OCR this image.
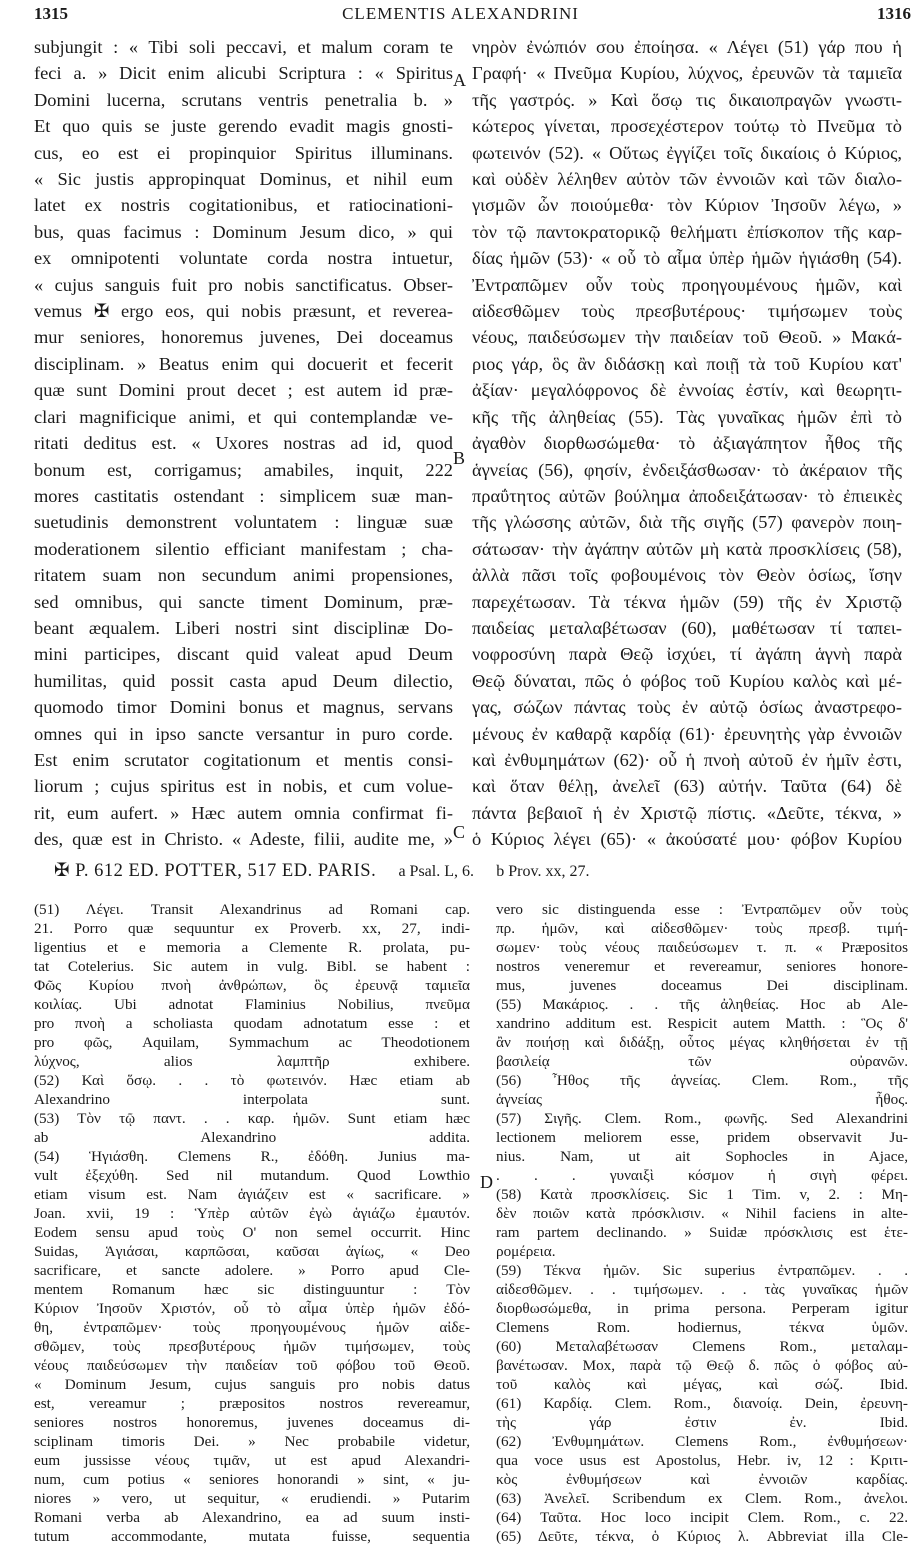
1315	CLEMENTIS ALEXANDRINI	1316
subjungit : « Tibi soli peccavi, et malum coram te
feci a. » Dicit enim alicubi Scriptura : « Spiritus
Domini lucerna, scrutans ventris penetralia b. »
Et quo quis se juste gerendo evadit magis gnosti-
cus, eo est ei propinquior Spiritus illuminans.
« Sic justis appropinquat Dominus, et nihil eum
latet ex nostris cogitationibus, et ratiocinationi-
bus, quas facimus : Dominum Jesum dico, » qui
ex omnipotenti voluntate corda nostra intuetur,
« cujus sanguis fuit pro nobis sanctificatus. Obser-
vemus ✠ ergo eos, qui nobis præsunt, et reverea-
mur seniores, honoremus juvenes, Dei doceamus
disciplinam. » Beatus enim qui docuerit et fecerit
quæ sunt Domini prout decet ; est autem id præ-
clari magnificique animi, et qui contemplandæ ve-
ritati deditus est. « Uxores nostras ad id, quod
bonum est, corrigamus; amabiles, inquit, 222
mores castitatis ostendant : simplicem suæ man-
suetudinis demonstrent voluntatem : linguæ suæ
moderationem silentio efficiant manifestam ; cha-
ritatem suam non secundum animi propensiones,
sed omnibus, qui sancte timent Dominum, præ-
beant æqualem. Liberi nostri sint disciplinæ Do-
mini participes, discant quid valeat apud Deum
humilitas, quid possit casta apud Deum dilectio,
quomodo timor Domini bonus et magnus, servans
omnes qui in ipso sancte versantur in puro corde.
Est enim scrutator cogitationum et mentis consi-
liorum ; cujus spiritus est in nobis, et cum volue-
rit, eum aufert. » Hæc autem omnia confirmat fi-
des, quæ est in Christo. « Adeste, filii, audite me, »
νηρὸν ἐνώπιόν σου ἐποίησα. « Λέγει (51) γάρ που ἡ
Γραφή· « Πνεῦμα Κυρίου, λύχνος, ἐρευνῶν τὰ ταμιεῖα
τῆς γαστρός. » Καὶ ὅσῳ τις δικαιοπραγῶν γνωστι-
κώτερος γίνεται, προσεχέστερον τούτῳ τὸ Πνεῦμα τὸ
φωτεινόν (52). « Οὕτως ἐγγίζει τοῖς δικαίοις ὁ Κύριος,
καὶ οὐδὲν λέληθεν αὐτὸν τῶν ἐννοιῶν καὶ τῶν διαλο-
γισμῶν ὧν ποιούμεθα· τὸν Κύριον Ἰησοῦν λέγω, »
τὸν τῷ παντοκρατορικῷ θελήματι ἐπίσκοπον τῆς καρ-
δίας ἡμῶν (53)· « οὗ τὸ αἷμα ὑπὲρ ἡμῶν ἡγιάσθη (54).
Ἐντραπῶμεν οὖν τοὺς προηγουμένους ἡμῶν, καὶ
αἰδεσθῶμεν τοὺς πρεσβυτέρους· τιμήσωμεν τοὺς
νέους, παιδεύσωμεν τὴν παιδείαν τοῦ Θεοῦ. » Μακά-
ριος γάρ, ὃς ἂν διδάσκῃ καὶ ποιῇ τὰ τοῦ Κυρίου κατ'
ἀξίαν· μεγαλόφρονος δὲ ἐννοίας ἐστίν, καὶ θεωρητι-
κῆς τῆς ἀληθείας (55). Τὰς γυναῖκας ἡμῶν ἐπὶ τὸ
ἀγαθὸν διορθωσώμεθα· τὸ ἀξιαγάπητον ἦθος τῆς
ἁγνείας (56), φησίν, ἐνδειξάσθωσαν· τὸ ἀκέραιον τῆς
πραΰτητος αὐτῶν βούλημα ἀποδειξάτωσαν· τὸ ἐπιεικὲς
τῆς γλώσσης αὐτῶν, διὰ τῆς σιγῆς (57) φανερὸν ποιη-
σάτωσαν· τὴν ἀγάπην αὐτῶν μὴ κατὰ προσκλίσεις (58),
ἀλλὰ πᾶσι τοῖς φοβουμένοις τὸν Θεὸν ὁσίως, ἴσην
παρεχέτωσαν. Τὰ τέκνα ἡμῶν (59) τῆς ἐν Χριστῷ
παιδείας μεταλαβέτωσαν (60), μαθέτωσαν τί ταπει-
νοφροσύνη παρὰ Θεῷ ἰσχύει, τί ἀγάπη ἁγνὴ παρὰ
Θεῷ δύναται, πῶς ὁ φόβος τοῦ Κυρίου καλὸς καὶ μέ-
γας, σώζων πάντας τοὺς ἐν αὐτῷ ὁσίως ἀναστρεφο-
μένους ἐν καθαρᾷ καρδίᾳ (61)· ἐρευνητὴς γὰρ ἐννοιῶν
καὶ ἐνθυμημάτων (62)· οὗ ἡ πνοὴ αὐτοῦ ἐν ἡμῖν ἐστι,
καὶ ὅταν θέλῃ, ἀνελεῖ (63) αὐτήν. Ταῦτα (64) δὲ
πάντα βεβαιοῖ ἡ ἐν Χριστῷ πίστις. «Δεῦτε, τέκνα, »
ὁ Κύριος λέγει (65)· « ἀκούσατέ μου· φόβον Κυρίου
A
B
C
D
✠ P. 612 ED. POTTER, 517 ED. PARIS. a Psal. L, 6. b Prov. xx, 27.
(51) Λέγει. Transit Alexandrinus ad Romani cap.
21. Porro quæ sequuntur ex Proverb. xx, 27, indi-
ligentius et e memoria a Clemente R. prolata, pu-
tat Cotelerius. Sic autem in vulg. Bibl. se habent :
Φῶς Κυρίου πνοὴ ἀνθρώπων, ὃς ἐρευνᾷ ταμιεῖα
κοιλίας. Ubi adnotat Flaminius Nobilius, πνεῦμα
pro πνοὴ a scholiasta quodam adnotatum esse : et
pro φῶς, Aquilam, Symmachum ac Theodotionem
λύχνος, alios λαμπτῆρ exhibere.
(52) Καὶ ὅσῳ. . . τὸ φωτεινόν. Hæc etiam ab
Alexandrino interpolata sunt.
(53) Τὸν τῷ παντ. . . καρ. ἡμῶν. Sunt etiam hæc
ab Alexandrino addita.
(54) Ἡγιάσθη. Clemens R., ἐδόθη. Junius ma-
vult ἐξεχύθη. Sed nil mutandum. Quod Lowthio
etiam visum est. Nam ἁγιάζειν est « sacrificare. »
Joan. xvii, 19 : Ὑπὲρ αὐτῶν ἐγὼ ἁγιάζω ἐμαυτόν.
Eodem sensu apud τοὺς O' non semel occurrit. Hinc
Suidas, Ἁγιάσαι, καρπῶσαι, καῦσαι ἁγίως, « Deo
sacrificare, et sancte adolere. » Porro apud Cle-
mentem Romanum hæc sic distinguuntur : Τὸν
Κύριον Ἰησοῦν Χριστόν, οὗ τὸ αἷμα ὑπὲρ ἡμῶν ἐδό-
θη, ἐντραπῶμεν· τοὺς προηγουμένους ἡμῶν αἰδε-
σθῶμεν, τοὺς πρεσβυτέρους ἡμῶν τιμήσωμεν, τοὺς
νέους παιδεύσωμεν τὴν παιδείαν τοῦ φόβου τοῦ Θεοῦ.
« Dominum Jesum, cujus sanguis pro nobis datus
est, vereamur ; præpositos nostros revereamur,
seniores nostros honoremus, juvenes doceamus di-
sciplinam timoris Dei. » Nec probabile videtur,
eum jussisse νέους τιμᾶν, ut est apud Alexandri-
num, cum potius « seniores honorandi » sint, « ju-
niores » vero, ut sequitur, « erudiendi. » Putarim
Romani verba ab Alexandrino, ea ad suum insti-
tutum accommodante, mutata fuisse, sequentia
vero sic distinguenda esse : Ἐντραπῶμεν οὖν τοὺς
πρ. ἡμῶν, καὶ αἰδεσθῶμεν· τοὺς πρεσβ. τιμή-
σωμεν· τοὺς νέους παιδεύσωμεν τ. π. « Præpositos
nostros veneremur et revereamur, seniores honore-
mus, juvenes doceamus Dei disciplinam.
(55) Μακάριος. . . τῆς ἀληθείας. Hoc ab Ale-
xandrino additum est. Respicit autem Matth. : Ὃς δ'
ἂν ποιήσῃ καὶ διδάξῃ, οὗτος μέγας κληθήσεται ἐν τῇ
βασιλείᾳ τῶν οὐρανῶν.
(56) Ἦθος τῆς ἁγνείας. Clem. Rom., τῆς
ἁγνείας ἦθος.
(57) Σιγῆς. Clem. Rom., φωνῆς. Sed Alexandrini
lectionem meliorem esse, pridem observavit Ju-
nius. Nam, ut ait Sophocles in Ajace,
. . . γυναιξὶ κόσμον ἡ σιγὴ φέρει.
(58) Κατὰ προσκλίσεις. Sic 1 Tim. v, 2. : Μη-
δὲν ποιῶν κατὰ πρόσκλισιν. « Nihil faciens in alte-
ram partem declinando. » Suidæ πρόσκλισις est ἑτε-
ρομέρεια.
(59) Τέκνα ἡμῶν. Sic superius ἐντραπῶμεν. . .
αἰδεσθῶμεν. . . τιμήσωμεν. . . τὰς γυναῖκας ἡμῶν
διορθωσώμεθα, in prima persona. Perperam igitur
Clemens Rom. hodiernus, τέκνα ὑμῶν.
(60) Μεταλαβέτωσαν Clemens Rom., μεταλαμ-
βανέτωσαν. Mox, παρὰ τῷ Θεῷ δ. πῶς ὁ φόβος αὐ-
τοῦ καλὸς καὶ μέγας, καὶ σώζ. Ibid.
(61) Καρδίᾳ. Clem. Rom., διανοίᾳ. Dein, ἐρευνη-
τὴς γάρ ἐστιν ἐν. Ibid.
(62) Ἐνθυμημάτων. Clemens Rom., ἐνθυμήσεων·
qua voce usus est Apostolus, Hebr. iv, 12 : Κριτι-
κὸς ἐνθυμήσεων καὶ ἐννοιῶν καρδίας.
(63) Ἀνελεῖ. Scribendum ex Clem. Rom., ἀνελοι.
(64) Ταῦτα. Hoc loco incipit Clem. Rom., c. 22.
(65) Δεῦτε, τέκνα, ὁ Κύριος λ. Abbreviat illa Cle-
